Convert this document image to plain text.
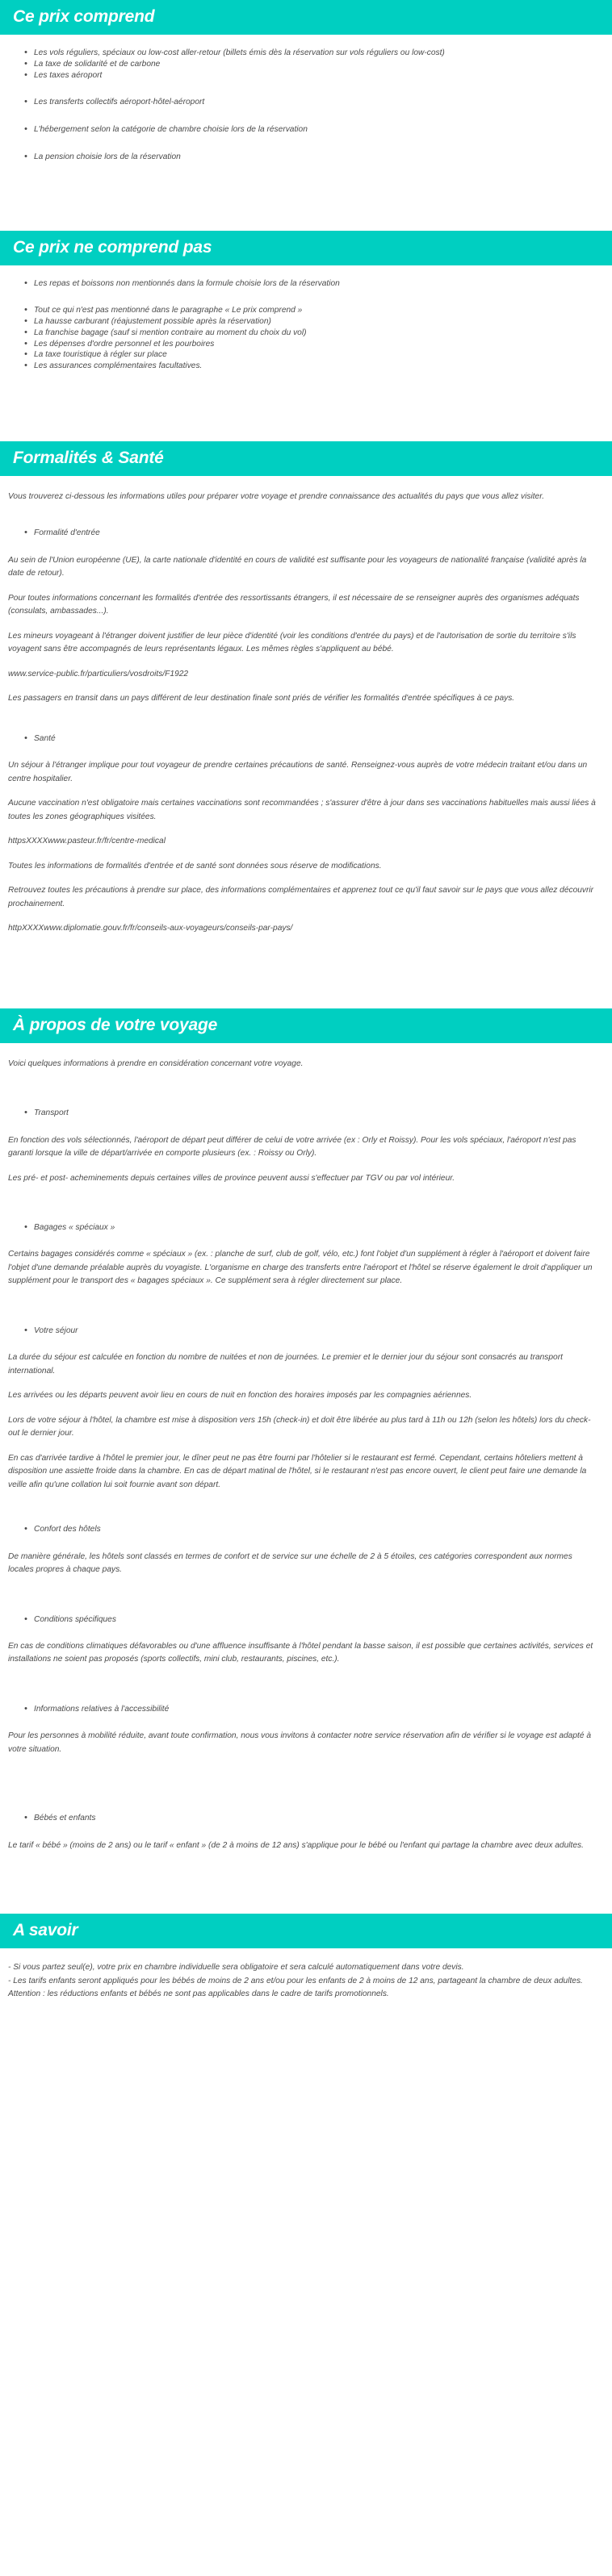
Ce prix comprend
• Les vols réguliers, spéciaux ou low-cost aller-retour (billets émis dès la réservation sur vols réguliers ou low-cost)
• La taxe de solidarité et de carbone
• Les taxes aéroport
• Les transferts collectifs aéroport-hôtel-aéroport
• L'hébergement selon la catégorie de chambre choisie lors de la réservation
• La pension choisie lors de la réservation
Ce prix ne comprend pas
• Les repas et boissons non mentionnés dans la formule choisie lors de la réservation
• Tout ce qui n'est pas mentionné dans le paragraphe « Le prix comprend »
• La hausse carburant (réajustement possible après la réservation)
• La franchise bagage (sauf si mention contraire au moment du choix du vol)
• Les dépenses d'ordre personnel et les pourboires
• La taxe touristique à régler sur place
• Les assurances complémentaires facultatives.
Formalités & Santé

Vous trouverez ci-dessous les informations utiles pour préparer votre voyage et prendre connaissance des actualités du pays que vous allez visiter.

• Formalité d'entrée

Au sein de l'Union européenne (UE), la carte nationale d'identité en cours de validité est suffisante pour les voyageurs de nationalité française (validité après la date de retour).

Pour toutes informations concernant les formalités d'entrée des ressortissants étrangers, il est nécessaire de se renseigner auprès des organismes adéquats (consulats, ambassades...).

Les mineurs voyageant à l'étranger doivent justifier de leur pièce d'identité (voir les conditions d'entrée du pays) et de l'autorisation de sortie du territoire s'ils voyagent sans être accompagnés de leurs représentants légaux. Les mêmes règles s'appliquent au bébé.

www.service-public.fr/particuliers/vosdroits/F1922

Les passagers en transit dans un pays différent de leur destination finale sont priés de vérifier les formalités d'entrée spécifiques à ce pays.

• Santé

Un séjour à l'étranger implique pour tout voyageur de prendre certaines précautions de santé. Renseignez-vous auprès de votre médecin traitant et/ou dans un centre hospitalier.

Aucune vaccination n'est obligatoire mais certaines vaccinations sont recommandées ; s'assurer d'être à jour dans ses vaccinations habituelles mais aussi liées à toutes les zones géographiques visitées.

httpsXXXXwww.pasteur.fr/fr/centre-medical

Toutes les informations de formalités d'entrée et de santé sont données sous réserve de modifications.

Retrouvez toutes les précautions à prendre sur place, des informations complémentaires et apprenez tout ce qu'il faut savoir sur le pays que vous allez découvrir prochainement.

httpXXXXwww.diplomatie.gouv.fr/fr/conseils-aux-voyageurs/conseils-par-pays/

À propos de votre voyage

Voici quelques informations à prendre en considération concernant votre voyage.

• Transport

En fonction des vols sélectionnés, l'aéroport de départ peut différer de celui de votre arrivée (ex : Orly et Roissy). Pour les vols spéciaux, l'aéroport n'est pas garanti lorsque la ville de départ/arrivée en comporte plusieurs (ex. : Roissy ou Orly).

Les pré- et post- acheminements depuis certaines villes de province peuvent aussi s'effectuer par TGV ou par vol intérieur.

• Bagages « spéciaux »

Certains bagages considérés comme « spéciaux » (ex. : planche de surf, club de golf, vélo, etc.) font l'objet d'un supplément à régler à l'aéroport et doivent faire l'objet d'une demande préalable auprès du voyagiste. L'organisme en charge des transferts entre l'aéroport et l'hôtel se réserve également le droit d'appliquer un supplément pour le transport des « bagages spéciaux ». Ce supplément sera à régler directement sur place.

• Votre séjour

La durée du séjour est calculée en fonction du nombre de nuitées et non de journées. Le premier et le dernier jour du séjour sont consacrés au transport international.

Les arrivées ou les départs peuvent avoir lieu en cours de nuit en fonction des horaires imposés par les compagnies aériennes.

Lors de votre séjour à l'hôtel, la chambre est mise à disposition vers 15h (check-in) et doit être libérée au plus tard à 11h ou 12h (selon les hôtels) lors du check-out le dernier jour.

En cas d'arrivée tardive à l'hôtel le premier jour, le dîner peut ne pas être fourni par l'hôtelier si le restaurant est fermé. Cependant, certains hôteliers mettent à disposition une assiette froide dans la chambre. En cas de départ matinal de l'hôtel, si le restaurant n'est pas encore ouvert, le client peut faire une demande la veille afin qu'une collation lui soit fournie avant son départ.

• Confort des hôtels

De manière générale, les hôtels sont classés en termes de confort et de service sur une échelle de 2 à 5 étoiles, ces catégories correspondent aux normes locales propres à chaque pays.

• Conditions spécifiques

En cas de conditions climatiques défavorables ou d'une affluence insuffisante à l'hôtel pendant la basse saison, il est possible que certaines activités, services et installations ne soient pas proposés (sports collectifs, mini club, restaurants, piscines, etc.).

• Informations relatives à l'accessibilité

Pour les personnes à mobilité réduite, avant toute confirmation, nous vous invitons à contacter notre service réservation afin de vérifier si le voyage est adapté à votre situation.

• Bébés et enfants

Le tarif « bébé » (moins de 2 ans) ou le tarif « enfant » (de 2 à moins de 12 ans) s'applique pour le bébé ou l'enfant qui partage la chambre avec deux adultes.

A savoir

- Si vous partez seul(e), votre prix en chambre individuelle sera obligatoire et sera calculé automatiquement dans votre devis.

- Les tarifs enfants seront appliqués pour les bébés de moins de 2 ans et/ou pour les enfants de 2 à moins de 12 ans, partageant la chambre de deux adultes.

Attention : les réductions enfants et bébés ne sont pas applicables dans le cadre de tarifs promotionnels.
